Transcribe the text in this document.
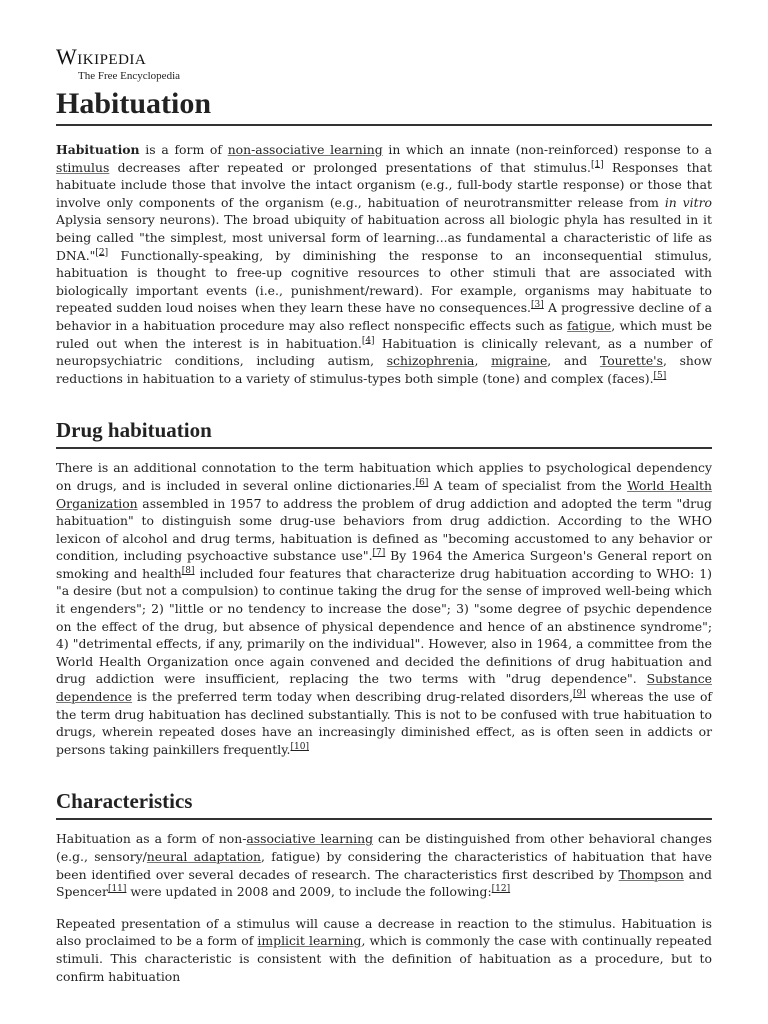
Wikipedia
The Free Encyclopedia
Habituation

Habituation is a form of non-associative learning in which an innate (non-reinforced) response to a stimulus decreases after repeated or prolonged presentations of that stimulus.[1] Responses that habituate include those that involve the intact organism (e.g., full-body startle response) or those that involve only components of the organism (e.g., habituation of neurotransmitter release from in vitro Aplysia sensory neurons). The broad ubiquity of habituation across all biologic phyla has resulted in it being called "the simplest, most universal form of learning...as fundamental a characteristic of life as DNA."[2] Functionally-speaking, by diminishing the response to an inconsequential stimulus, habituation is thought to free-up cognitive resources to other stimuli that are associated with biologically important events (i.e., punishment/reward). For example, organisms may habituate to repeated sudden loud noises when they learn these have no consequences.[3] A progressive decline of a behavior in a habituation procedure may also reflect nonspecific effects such as fatigue, which must be ruled out when the interest is in habituation.[4] Habituation is clinically relevant, as a number of neuropsychiatric conditions, including autism, schizophrenia, migraine, and Tourette's, show reductions in habituation to a variety of stimulus-types both simple (tone) and complex (faces).[5]

Drug habituation

There is an additional connotation to the term habituation which applies to psychological dependency on drugs, and is included in several online dictionaries.[6] A team of specialist from the World Health Organization assembled in 1957 to address the problem of drug addiction and adopted the term "drug habituation" to distinguish some drug-use behaviors from drug addiction. According to the WHO lexicon of alcohol and drug terms, habituation is defined as "becoming accustomed to any behavior or condition, including psychoactive substance use".[7] By 1964 the America Surgeon's General report on smoking and health[8] included four features that characterize drug habituation according to WHO: 1) "a desire (but not a compulsion) to continue taking the drug for the sense of improved well-being which it engenders"; 2) "little or no tendency to increase the dose"; 3) "some degree of psychic dependence on the effect of the drug, but absence of physical dependence and hence of an abstinence syndrome"; 4) "detrimental effects, if any, primarily on the individual". However, also in 1964, a committee from the World Health Organization once again convened and decided the definitions of drug habituation and drug addiction were insufficient, replacing the two terms with "drug dependence". Substance dependence is the preferred term today when describing drug-related disorders,[9] whereas the use of the term drug habituation has declined substantially. This is not to be confused with true habituation to drugs, wherein repeated doses have an increasingly diminished effect, as is often seen in addicts or persons taking painkillers frequently.[10]

Characteristics

Habituation as a form of non-associative learning can be distinguished from other behavioral changes (e.g., sensory/neural adaptation, fatigue) by considering the characteristics of habituation that have been identified over several decades of research. The characteristics first described by Thompson and Spencer[11] were updated in 2008 and 2009, to include the following:[12]

Repeated presentation of a stimulus will cause a decrease in reaction to the stimulus. Habituation is also proclaimed to be a form of implicit learning, which is commonly the case with continually repeated stimuli. This characteristic is consistent with the definition of habituation as a procedure, but to confirm habituation
